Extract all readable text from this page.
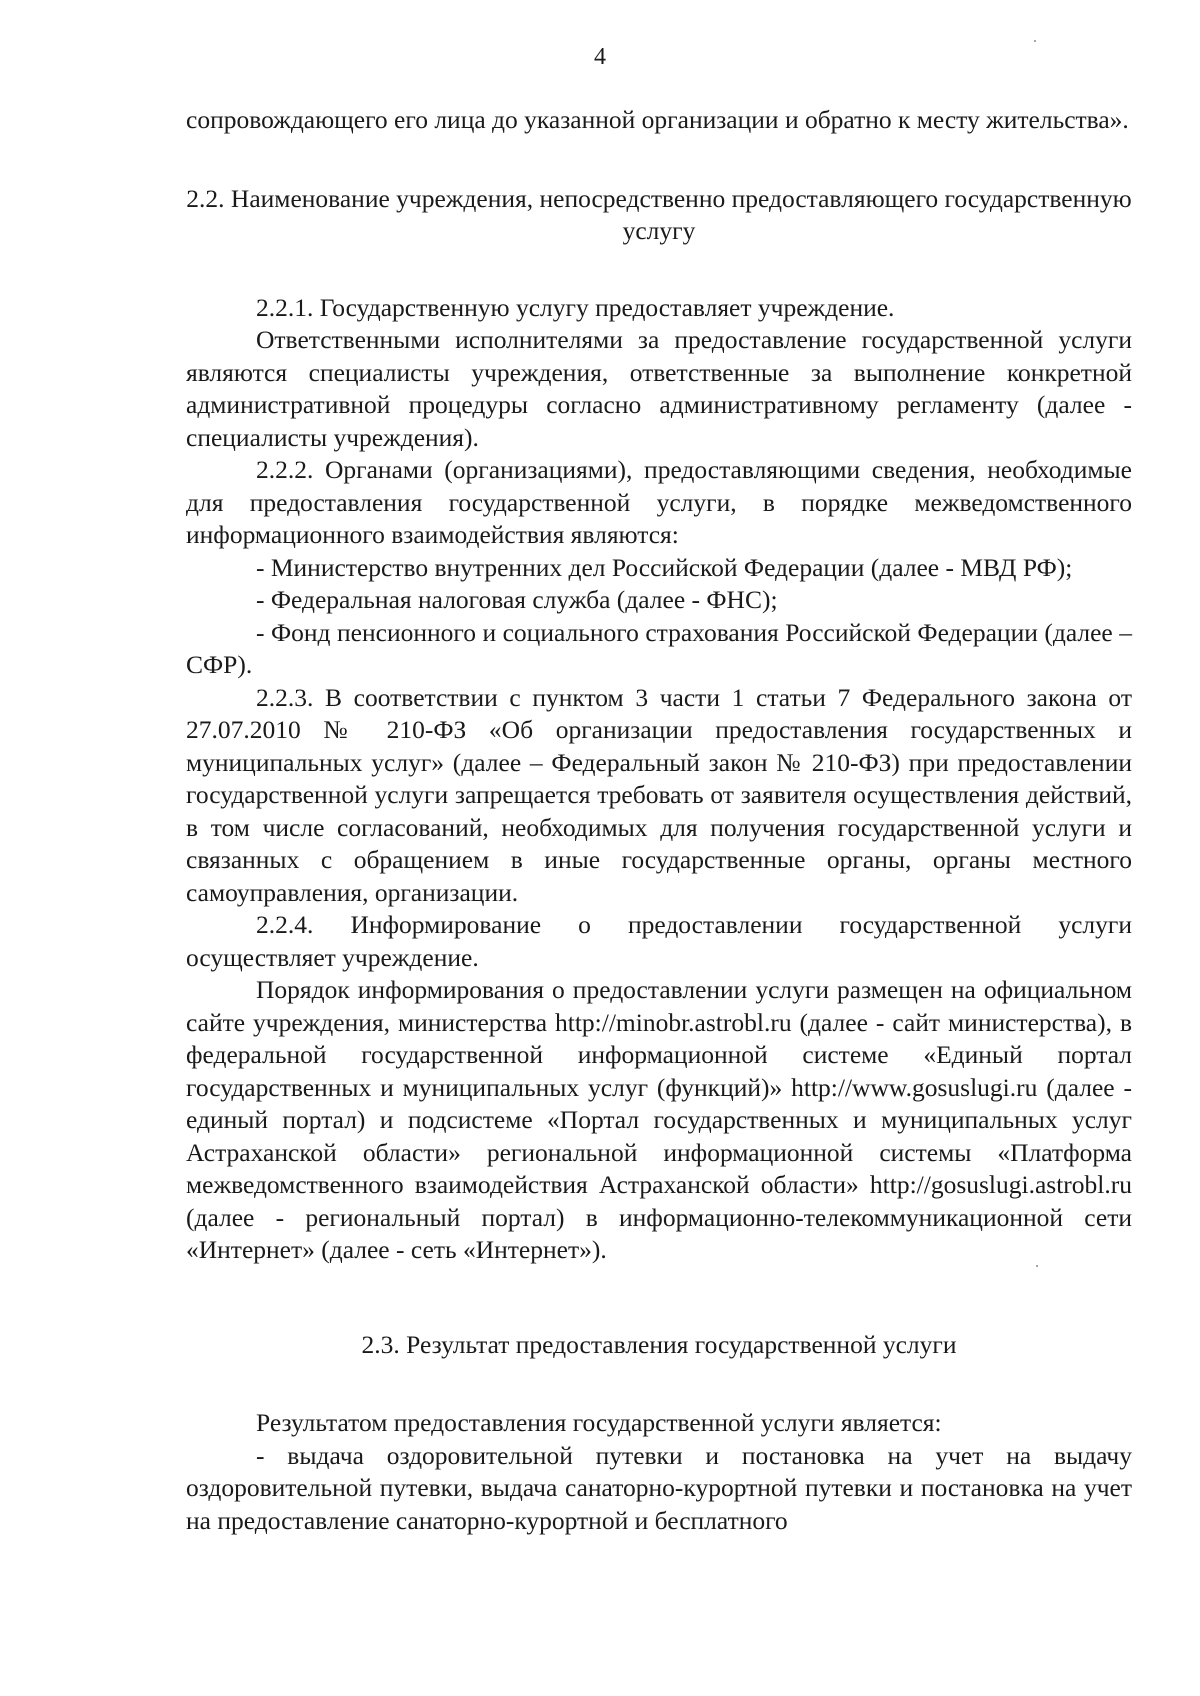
4

сопровождающего его лица до указанной организации и обратно к месту жительства».

2.2. Наименование учреждения, непосредственно предоставляющего государственную услугу

2.2.1. Государственную услугу предоставляет учреждение.

Ответственными исполнителями за предоставление государственной услуги являются специалисты учреждения, ответственные за выполнение конкретной административной процедуры согласно административному регламенту (далее - специалисты учреждения).

2.2.2. Органами (организациями), предоставляющими сведения, необходимые для предоставления государственной услуги, в порядке межведомственного информационного взаимодействия являются:

- Министерство внутренних дел Российской Федерации (далее - МВД РФ);

- Федеральная налоговая служба (далее - ФНС);

- Фонд пенсионного и социального страхования Российской Федерации (далее – СФР).

2.2.3. В соответствии с пунктом 3 части 1 статьи 7 Федерального закона от 27.07.2010 № 210-ФЗ «Об организации предоставления государственных и муниципальных услуг» (далее – Федеральный закон № 210-ФЗ) при предоставлении государственной услуги запрещается требовать от заявителя осуществления действий, в том числе согласований, необходимых для получения государственной услуги и связанных с обращением в иные государственные органы, органы местного самоуправления, организации.

2.2.4. Информирование о предоставлении государственной услуги осуществляет учреждение.

Порядок информирования о предоставлении услуги размещен на официальном сайте учреждения, министерства http://minobr.astrobl.ru (далее - сайт министерства), в федеральной государственной информационной системе «Единый портал государственных и муниципальных услуг (функций)» http://www.gosuslugi.ru (далее - единый портал) и подсистеме «Портал государственных и муниципальных услуг Астраханской области» региональной информационной системы «Платформа межведомственного взаимодействия Астраханской области» http://gosuslugi.astrobl.ru (далее - региональный портал) в информационно-телекоммуникационной сети «Интернет» (далее - сеть «Интернет»).

2.3. Результат предоставления государственной услуги

Результатом предоставления государственной услуги является:

- выдача оздоровительной путевки и постановка на учет на выдачу оздоровительной путевки, выдача санаторно-курортной путевки и постановка на учет на предоставление санаторно-курортной и бесплатного
